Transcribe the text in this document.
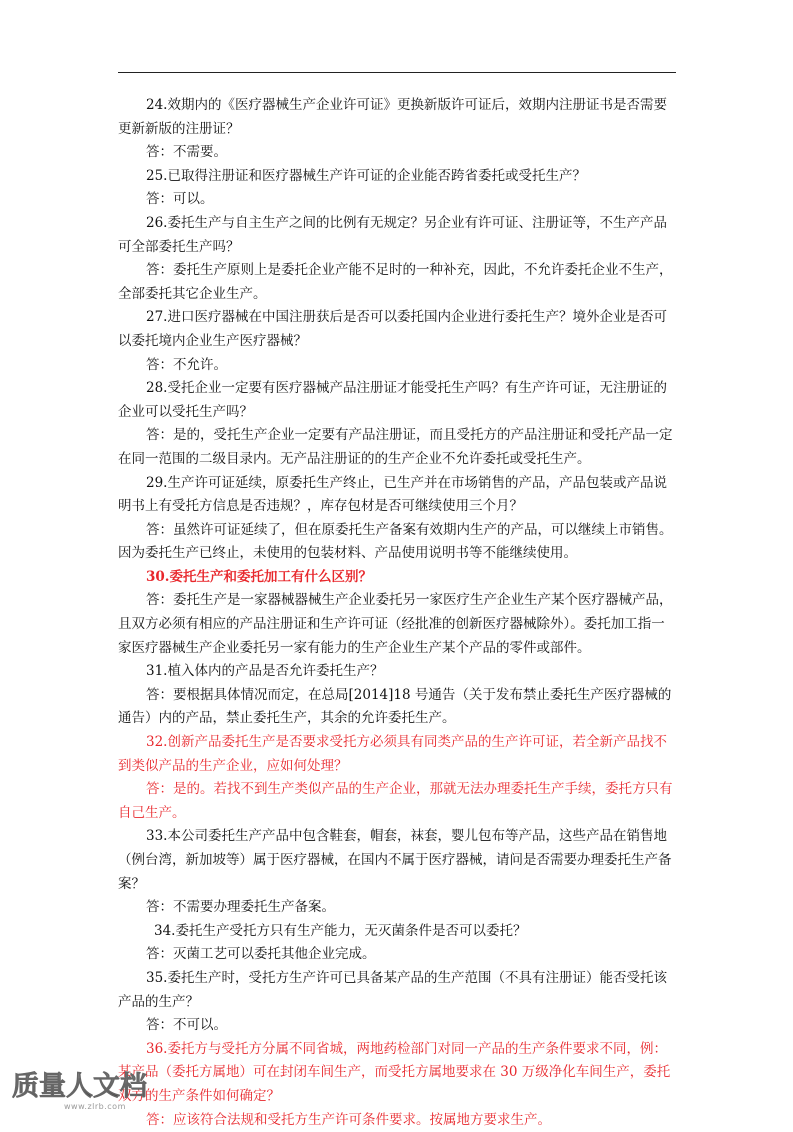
24.效期内的《医疗器械生产企业许可证》更换新版许可证后，效期内注册证书是否需要更新新版的注册证？

答：不需要。

25.已取得注册证和医疗器械生产许可证的企业能否跨省委托或受托生产？

答：可以。

26.委托生产与自主生产之间的比例有无规定？另企业有许可证、注册证等，不生产产品可全部委托生产吗？

答：委托生产原则上是委托企业产能不足时的一种补充，因此，不允许委托企业不生产，全部委托其它企业生产。

27.进口医疗器械在中国注册获后是否可以委托国内企业进行委托生产？境外企业是否可以委托境内企业生产医疗器械？

答：不允许。

28.受托企业一定要有医疗器械产品注册证才能受托生产吗？有生产许可证，无注册证的企业可以受托生产吗？

答：是的，受托生产企业一定要有产品注册证，而且受托方的产品注册证和受托产品一定在同一范围的二级目录内。无产品注册证的的生产企业不允许委托或受托生产。

29.生产许可证延续，原委托生产终止，已生产并在市场销售的产品，产品包装或产品说明书上有受托方信息是否违规？，库存包材是否可继续使用三个月？

答：虽然许可证延续了，但在原委托生产备案有效期内生产的产品，可以继续上市销售。因为委托生产已终止，未使用的包装材料、产品使用说明书等不能继续使用。

30.委托生产和委托加工有什么区别？

答：委托生产是一家器械器械生产企业委托另一家医疗生产企业生产某个医疗器械产品，且双方必须有相应的产品注册证和生产许可证（经批准的创新医疗器械除外）。委托加工指一家医疗器械生产企业委托另一家有能力的生产企业生产某个产品的零件或部件。

31.植入体内的产品是否允许委托生产？

答：要根据具体情况而定，在总局[2014]18 号通告（关于发布禁止委托生产医疗器械的通告）内的产品，禁止委托生产，其余的允许委托生产。

32.创新产品委托生产是否要求受托方必须具有同类产品的生产许可证，若全新产品找不到类似产品的生产企业，应如何处理？

答：是的。若找不到生产类似产品的生产企业，那就无法办理委托生产手续，委托方只有自己生产。

33.本公司委托生产产品中包含鞋套，帽套，袜套，婴儿包布等产品，这些产品在销售地（例台湾，新加坡等）属于医疗器械，在国内不属于医疗器械，请问是否需要办理委托生产备案？

答：不需要办理委托生产备案。

34.委托生产受托方只有生产能力，无灭菌条件是否可以委托？

答：灭菌工艺可以委托其他企业完成。

35.委托生产时，受托方生产许可已具备某产品的生产范围（不具有注册证）能否受托该产品的生产？

答：不可以。

36.委托方与受托方分属不同省城，两地药检部门对同一产品的生产条件要求不同，例：某产品（委托方属地）可在封闭车间生产，而受托方属地要求在 30 万级净化车间生产，委托双方的生产条件如何确定？

答：应该符合法规和受托方生产许可条件要求。按属地方要求生产。

质量人文档
www.zlrb.com
